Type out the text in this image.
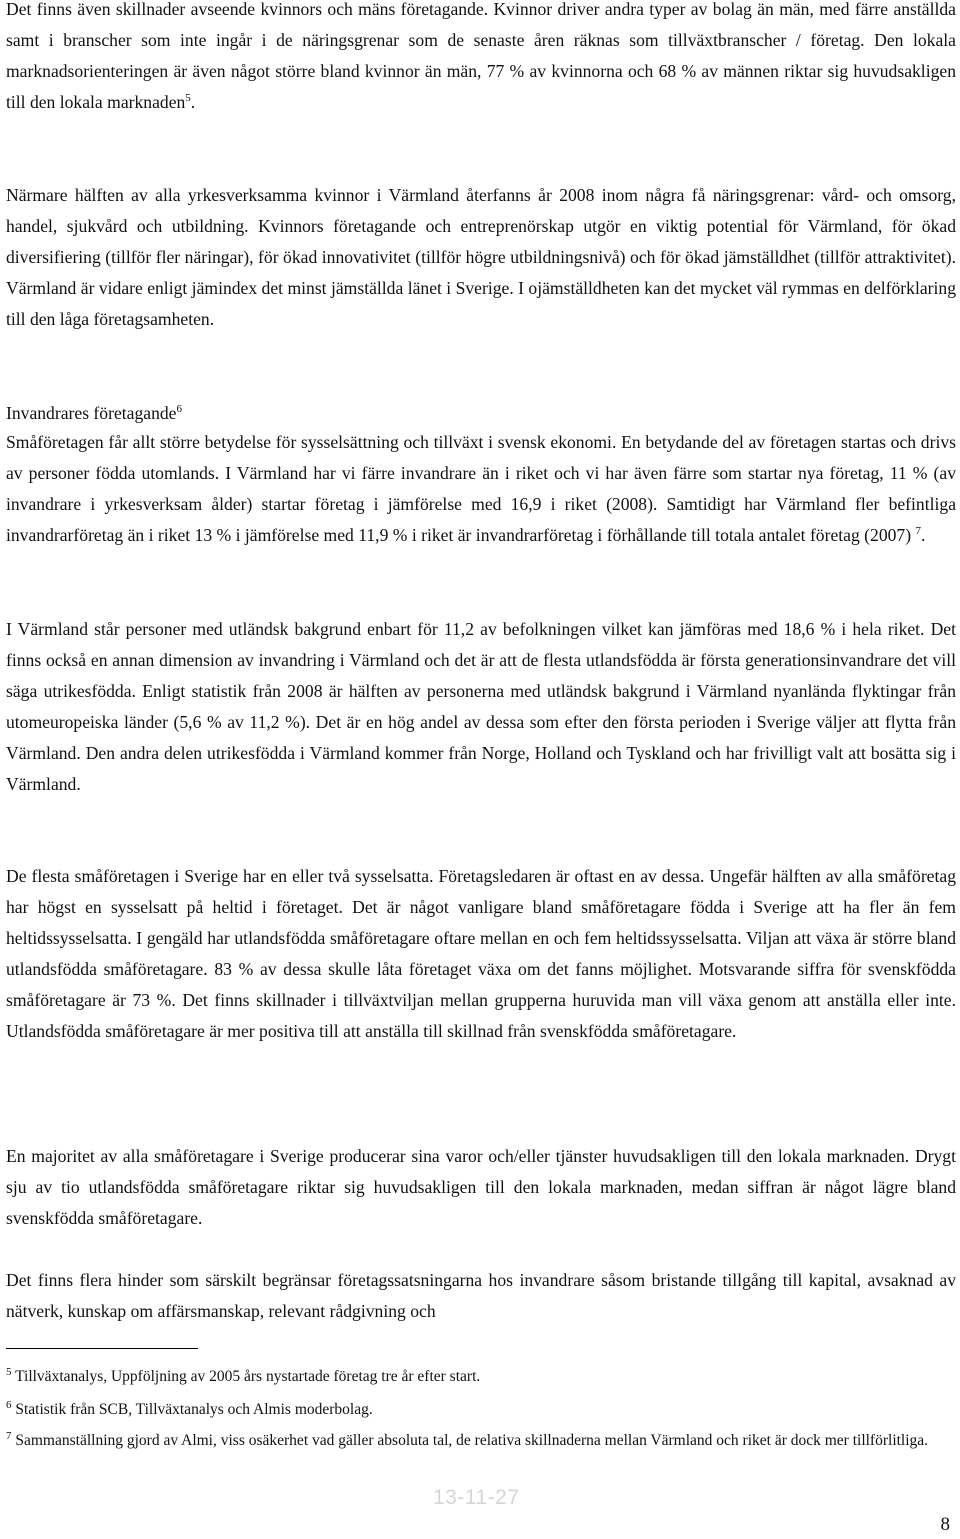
Det finns även skillnader avseende kvinnors och mäns företagande. Kvinnor driver andra typer av bolag än män, med färre anställda samt i branscher som inte ingår i de näringsgrenar som de senaste åren räknas som tillväxtbranscher / företag. Den lokala marknadsorienteringen är även något större bland kvinnor än män, 77 % av kvinnorna och 68 % av männen riktar sig huvudsakligen till den lokala marknaden$^5$.

Närmare hälften av alla yrkesverksamma kvinnor i Värmland återfanns år 2008 inom några få näringsgrenar: vård- och omsorg, handel, sjukvård och utbildning. Kvinnors företagande och entreprenörskap utgör en viktig potential för Värmland, för ökad diversifiering (tillför fler näringar), för ökad innovativitet (tillför högre utbildningsnivå) och för ökad jämställdhet (tillför attraktivitet). Värmland är vidare enligt jämindex det minst jämställda länet i Sverige. I ojämställdheten kan det mycket väl rymmas en delförklaring till den låga företagsamheten.

Invandrares företagande$^6$

Småföretagen får allt större betydelse för sysselsättning och tillväxt i svensk ekonomi. En betydande del av företagen startas och drivs av personer födda utomlands. I Värmland har vi färre invandrare än i riket och vi har även färre som startar nya företag, 11 % (av invandrare i yrkesverksam ålder) startar företag i jämförelse med 16,9 i riket (2008). Samtidigt har Värmland fler befintliga invandrarföretag än i riket 13 % i jämförelse med 11,9 % i riket är invandrarföretag i förhållande till totala antalet företag (2007) $^7$.

I Värmland står personer med utländsk bakgrund enbart för 11,2 av befolkningen vilket kan jämföras med 18,6 % i hela riket. Det finns också en annan dimension av invandring i Värmland och det är att de flesta utlandsfödda är första generationsinvandrare det vill säga utrikesfödda. Enligt statistik från 2008 är hälften av personerna med utländsk bakgrund i Värmland nyanlända flyktingar från utomeuropeiska länder (5,6 % av 11,2 %). Det är en hög andel av dessa som efter den första perioden i Sverige väljer att flytta från Värmland. Den andra delen utrikesfödda i Värmland kommer från Norge, Holland och Tyskland och har frivilligt valt att bosätta sig i Värmland.

De flesta småföretagen i Sverige har en eller två sysselsatta. Företagsledaren är oftast en av dessa. Ungefär hälften av alla småföretag har högst en sysselsatt på heltid i företaget. Det är något vanligare bland småföretagare födda i Sverige att ha fler än fem heltidssysselsatta. I gengäld har utlandsfödda småföretagare oftare mellan en och fem heltidssysselsatta. Viljan att växa är större bland utlandsfödda småföretagare. 83 % av dessa skulle låta företaget växa om det fanns möjlighet. Motsvarande siffra för svenskfödda småföretagare är 73 %. Det finns skillnader i tillväxtviljan mellan grupperna huruvida man vill växa genom att anställa eller inte. Utlandsfödda småföretagare är mer positiva till att anställa till skillnad från svenskfödda småföretagare.

En majoritet av alla småföretagare i Sverige producerar sina varor och/eller tjänster huvudsakligen till den lokala marknaden. Drygt sju av tio utlandsfödda småföretagare riktar sig huvudsakligen till den lokala marknaden, medan siffran är något lägre bland svenskfödda småföretagare.

Det finns flera hinder som särskilt begränsar företagssatsningarna hos invandrare såsom bristande tillgång till kapital, avsaknad av nätverk, kunskap om affärsmanskap, relevant rådgivning och

$^5$ Tillväxtanalys, Uppföljning av 2005 års nystartade företag tre år efter start.

$^6$ Statistik från SCB, Tillväxtanalys och Almis moderbolag.

$^7$ Sammanställning gjord av Almi, viss osäkerhet vad gäller absoluta tal, de relativa skillnaderna mellan Värmland och riket är dock mer tillförlitliga.

13-11-27
8
